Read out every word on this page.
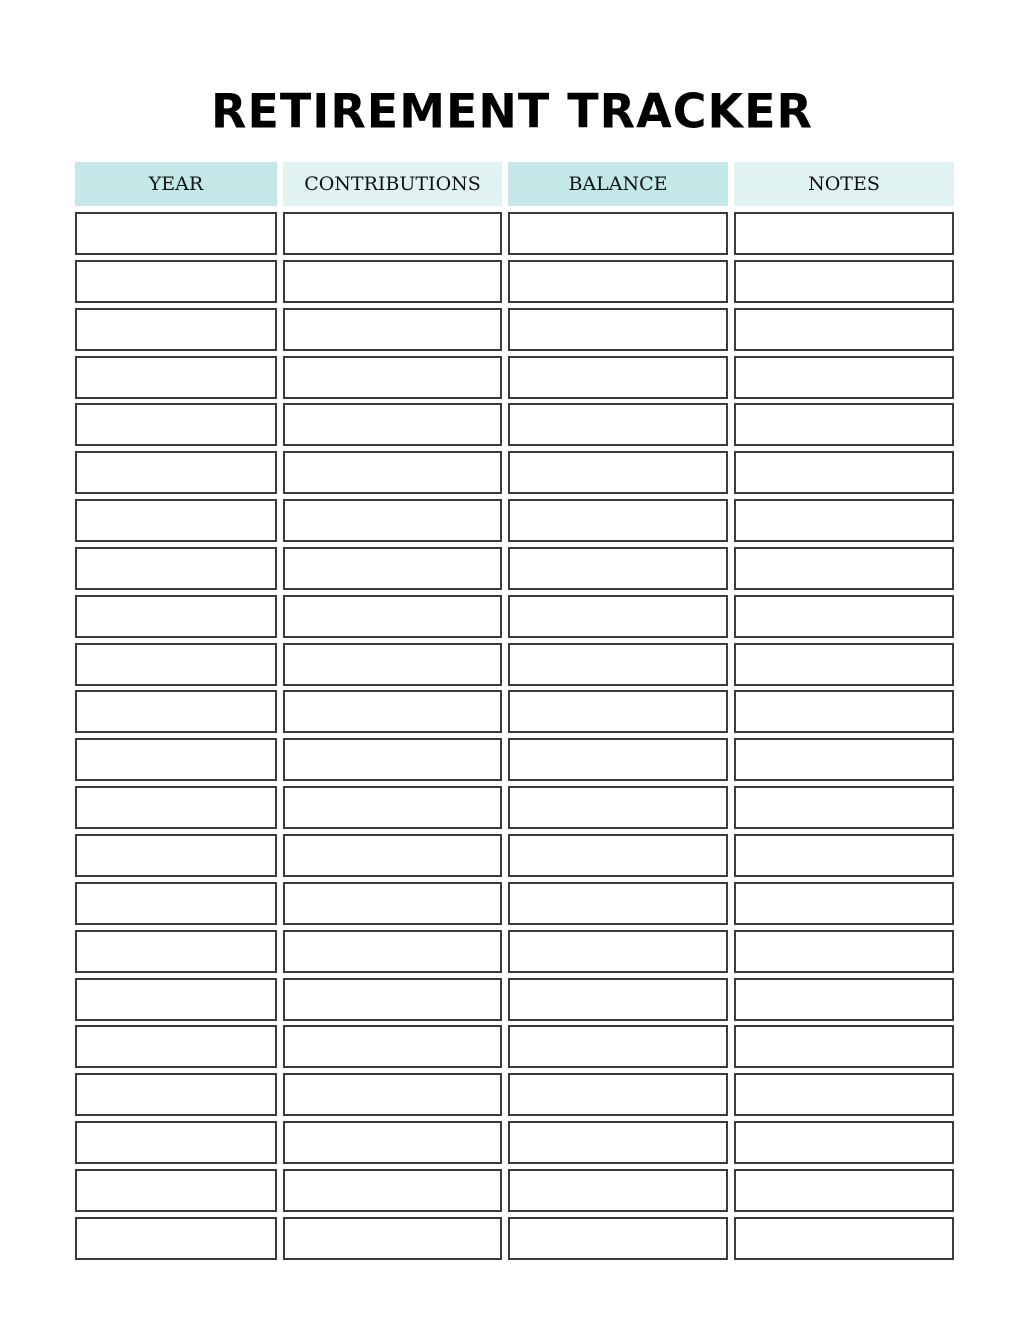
RETIREMENT TRACKER
YEAR	CONTRIBUTIONS	BALANCE	NOTES
